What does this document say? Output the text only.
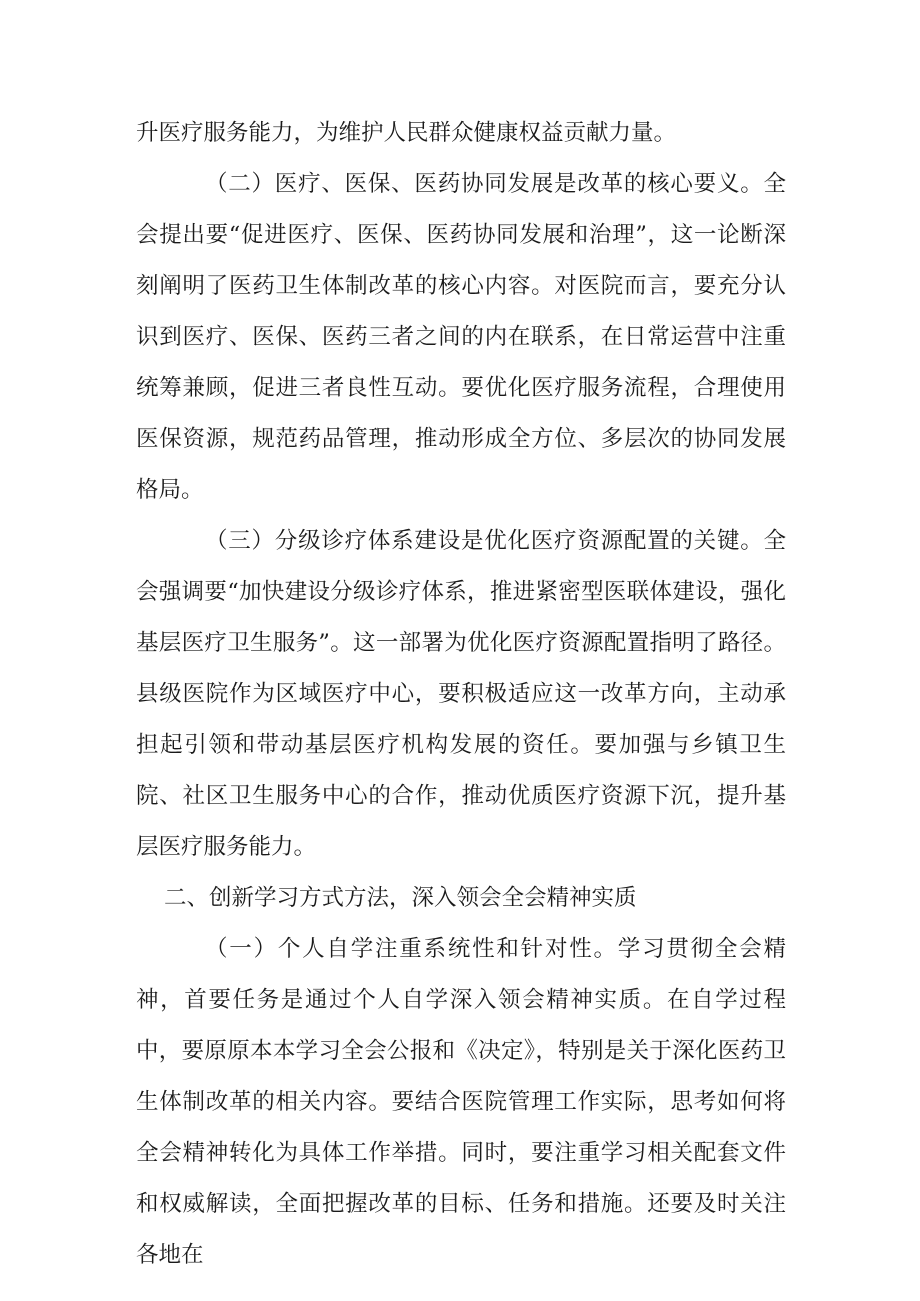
升医疗服务能力，为维护人民群众健康权益贡献力量。

（二）医疗、医保、医药协同发展是改革的核心要义。全会提出要“促进医疗、医保、医药协同发展和治理”，这一论断深刻阐明了医药卫生体制改革的核心内容。对医院而言，要充分认识到医疗、医保、医药三者之间的内在联系，在日常运营中注重统筹兼顾，促进三者良性互动。要优化医疗服务流程，合理使用医保资源，规范药品管理，推动形成全方位、多层次的协同发展格局。

（三）分级诊疗体系建设是优化医疗资源配置的关键。全会强调要“加快建设分级诊疗体系，推进紧密型医联体建设，强化基层医疗卫生服务”。这一部署为优化医疗资源配置指明了路径。县级医院作为区域医疗中心，要积极适应这一改革方向，主动承担起引领和带动基层医疗机构发展的资任。要加强与乡镇卫生院、社区卫生服务中心的合作，推动优质医疗资源下沉，提升基层医疗服务能力。

二、创新学习方式方法，深入领会全会精神实质

（一）个人自学注重系统性和针对性。学习贯彻全会精神，首要任务是通过个人自学深入领会精神实质。在自学过程中，要原原本本学习全会公报和《决定》，特别是关于深化医药卫生体制改革的相关内容。要结合医院管理工作实际，思考如何将全会精神转化为具体工作举措。同时，要注重学习相关配套文件和权威解读，全面把握改革的目标、任务和措施。还要及时关注各地在
